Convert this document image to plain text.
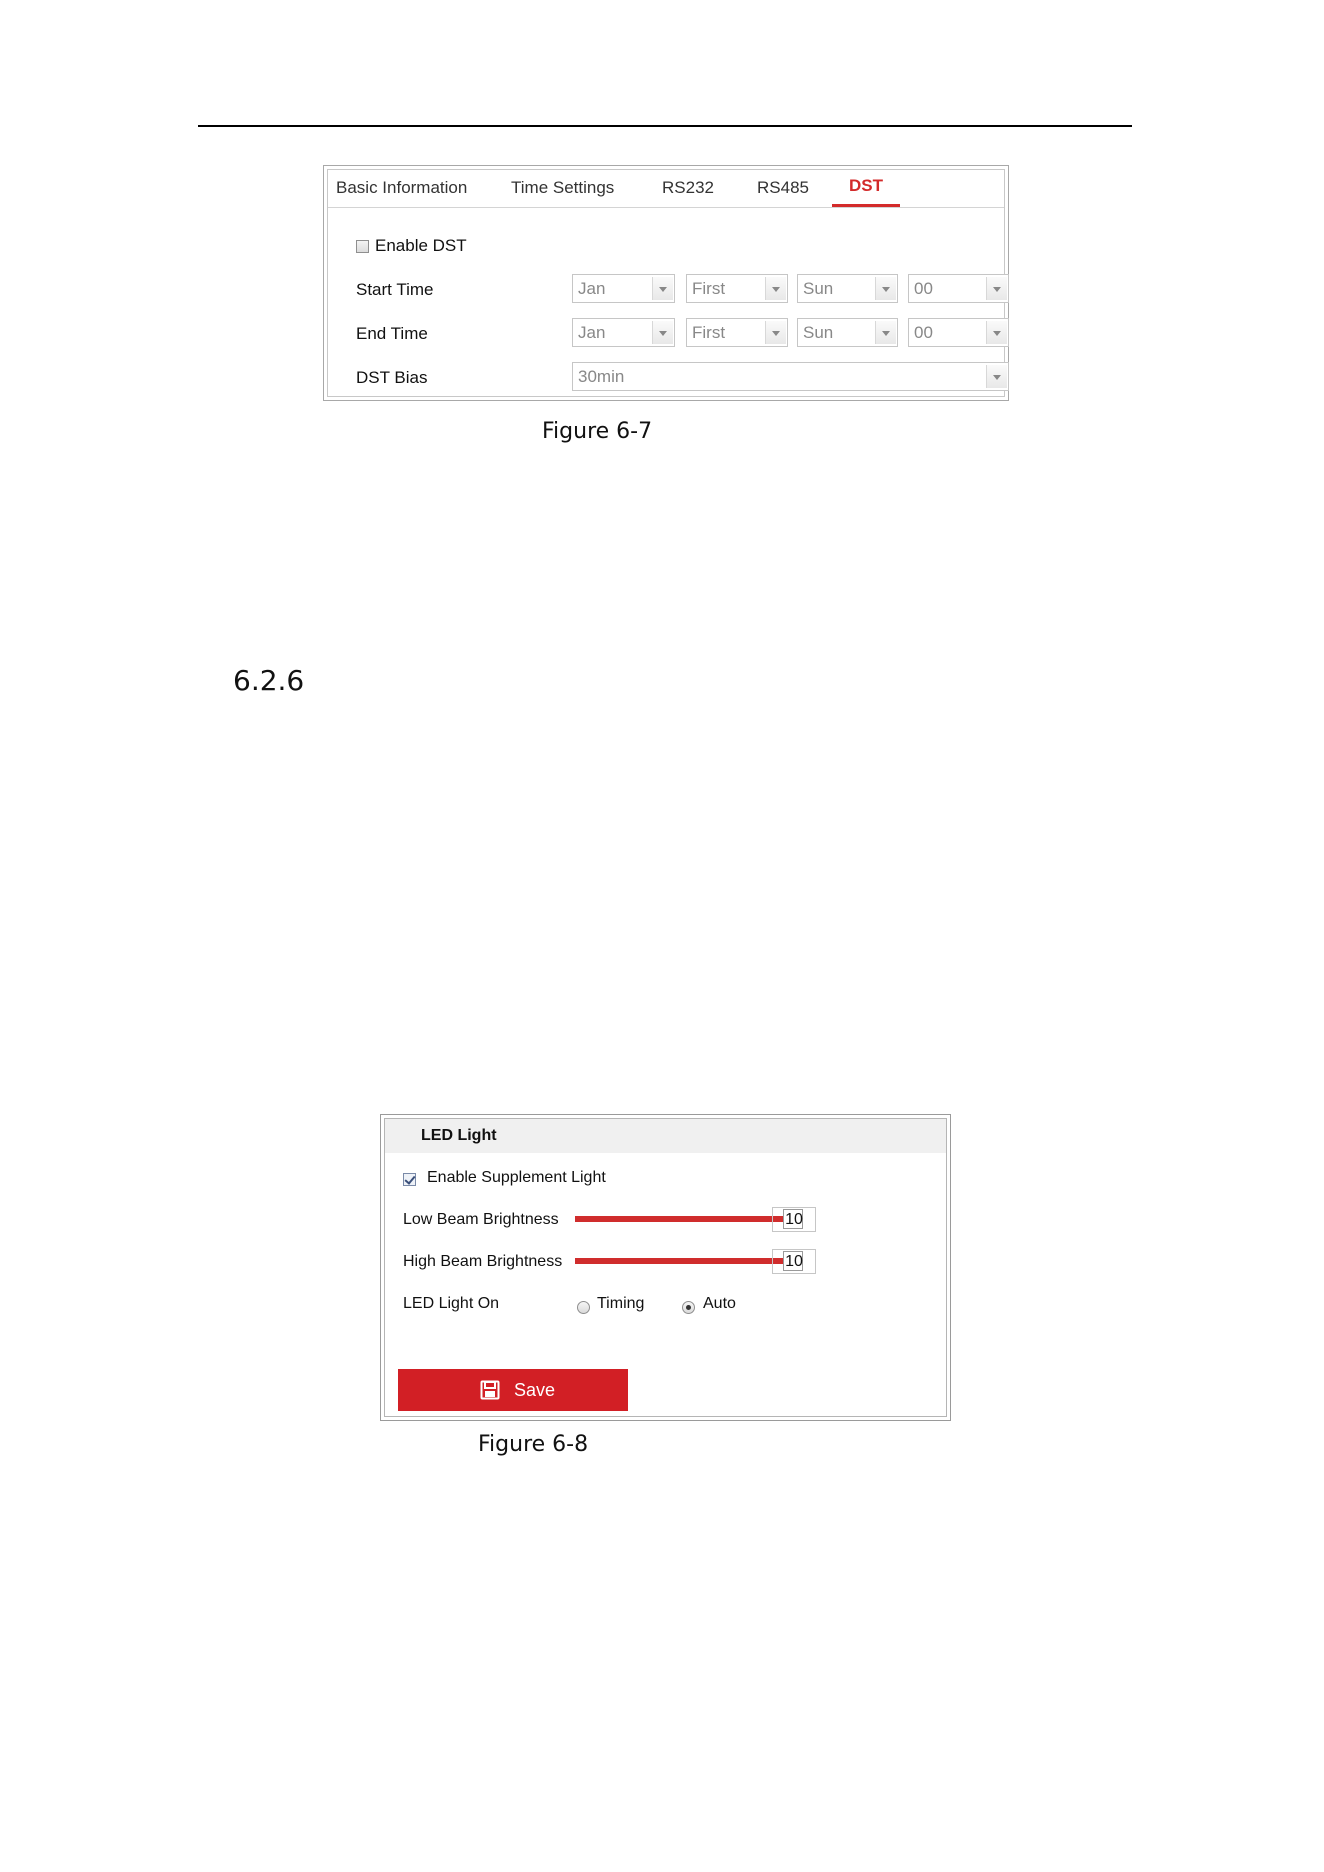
Basic Information	Time Settings	RS232	RS485 DST
Enable DST
Start Time	Jan	First	Sun	00
End Time	Jan	First	Sun	00
DST Bias	30min
Figure 6-7
6.2.6
LED Light
Enable Supplement Light
Low Beam Brightness	10
High Beam Brightness	10
LED Light On	Timing	Auto
Save
Figure 6-8
